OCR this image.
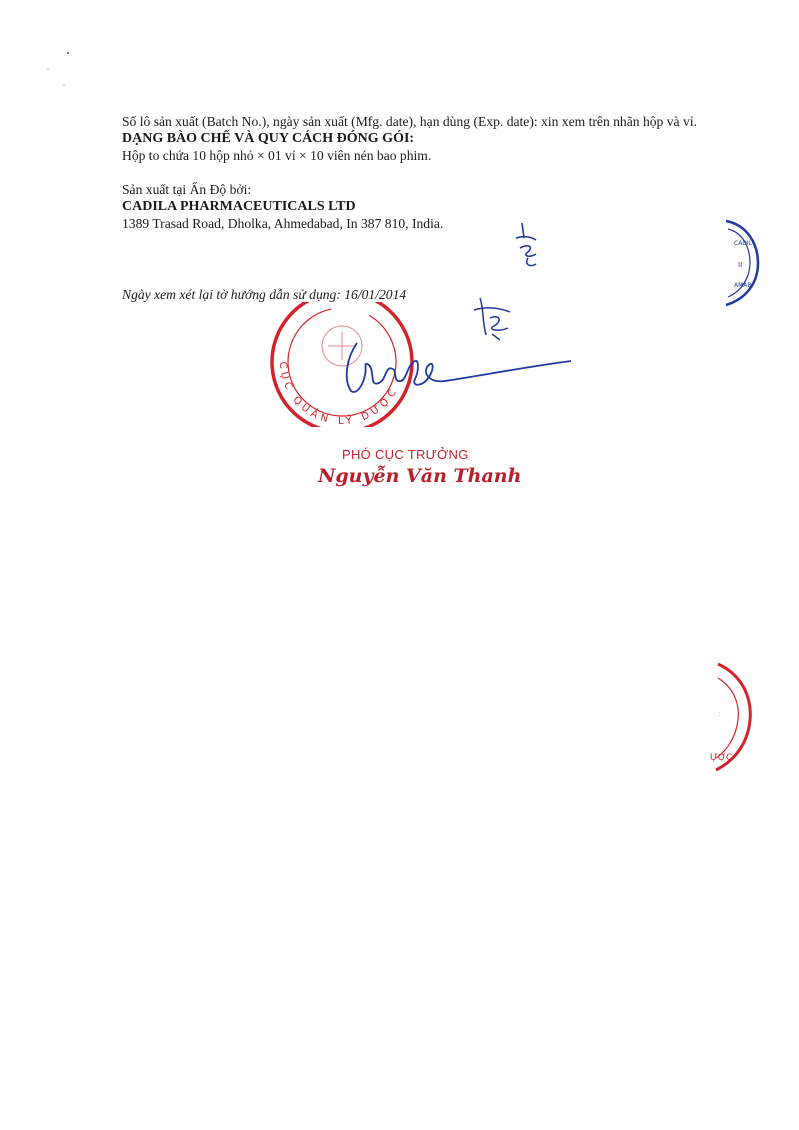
Số lô sản xuất (Batch No.), ngày sản xuất (Mfg. date), hạn dùng (Exp. date): xin xem trên nhãn hộp và vỉ.

DẠNG BÀO CHẾ VÀ QUY CÁCH ĐÓNG GÓI:

Hộp to chứa 10 hộp nhỏ × 01 vỉ × 10 viên nén bao phim.

Sản xuất tại Ấn Độ bởi:

CADILA PHARMACEUTICALS LTD

1389 Trasad Road, Dholka, Ahmedabad, In 387 810, India.

Ngày xem xét lại tờ hướng dẫn sử dụng: 16/01/2014
CADIL
AMAB
II
CỤC QUẢN LÝ DƯỢC
PHÓ CỤC TRƯỞNG
Nguyễn Văn Thanh
ỰỢC
:
